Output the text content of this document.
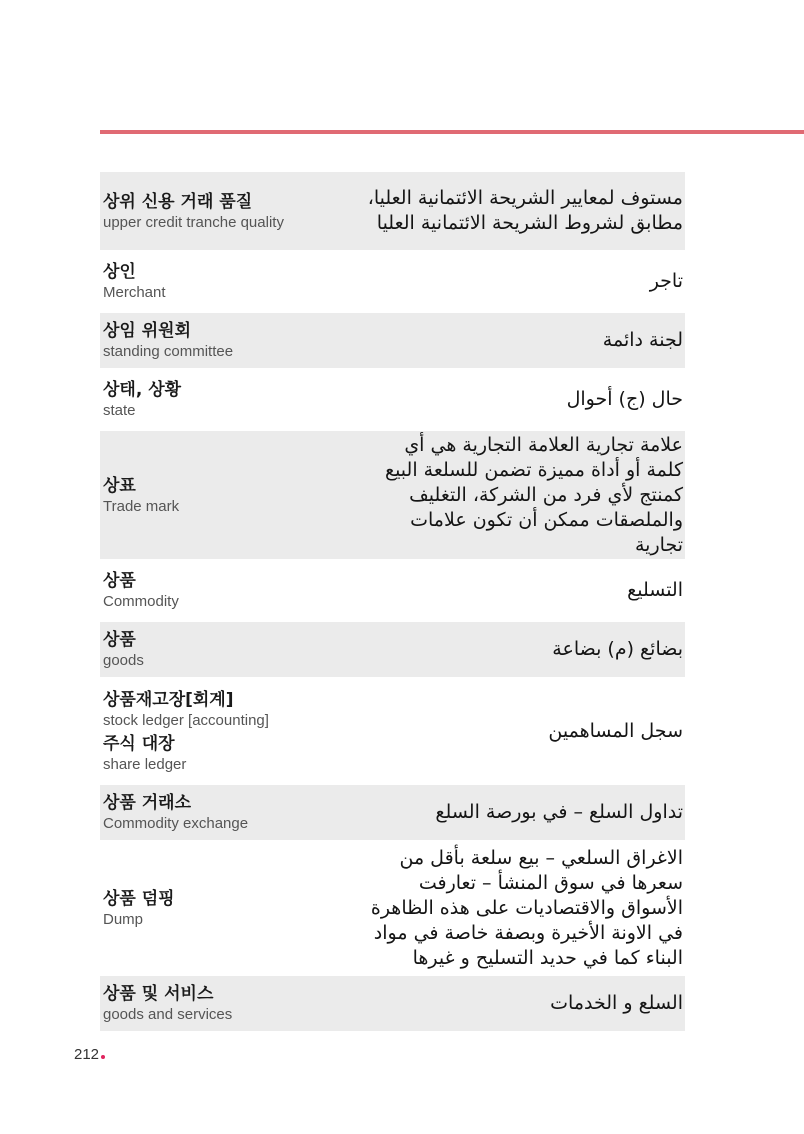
상위 신용 거래 품질
upper credit tranche quality
مستوف لمعايير الشريحة الائتمانية العليا، مطابق لشروط الشريحة الائتمانية العليا
상인
Merchant
تاجر
상임 위원회
standing committee
لجنة دائمة
상태, 상황
state
حال (ج) أحوال
상표
Trade mark
علامة تجارية العلامة التجارية هي أي كلمة أو أداة مميزة تضمن للسلعة البيع كمنتج لأي فرد من الشركة، التغليف والملصقات ممكن أن تكون علامات تجارية
상품
Commodity
التسليع
상품
goods
بضائع (م) بضاعة
상품재고장[회계]
stock ledger [accounting]
주식 대장
share ledger
سجل المساهمين
상품 거래소
Commodity exchange
تداول السلع – في بورصة السلع
상품 덤핑
Dump
الاغراق السلعي – بيع سلعة بأقل من سعرها في سوق المنشأ – تعارفت الأسواق والاقتصاديات على هذه الظاهرة في الاونة الأخيرة وبصفة خاصة في مواد البناء كما في حديد التسليح و غيرها
상품 및 서비스
goods and services
السلع و الخدمات
212
